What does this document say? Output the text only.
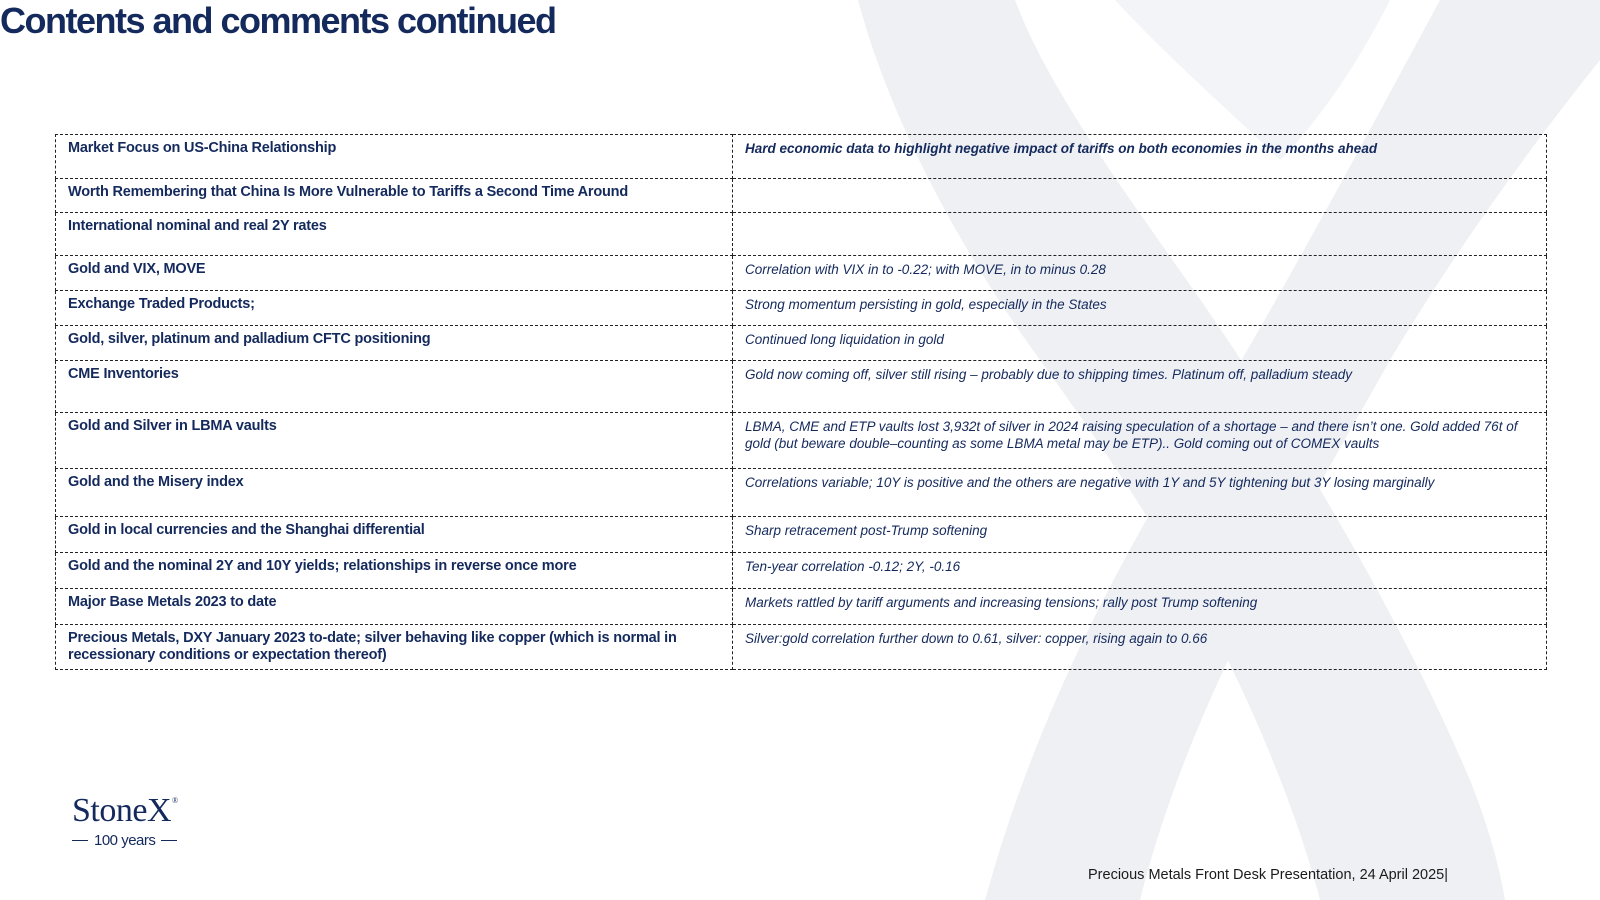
Contents and comments continued
Market Focus on US-China Relationship	Hard economic data to highlight negative impact of tariffs on both economies in the months ahead
Worth Remembering that China Is More Vulnerable to Tariffs a Second Time Around	
International nominal and real 2Y rates	
Gold and VIX, MOVE	Correlation with VIX in to -0.22; with MOVE, in to minus 0.28
Exchange Traded Products;	Strong momentum persisting in gold, especially in the States
Gold, silver, platinum and palladium CFTC positioning	Continued long liquidation in gold
CME Inventories	Gold now coming off, silver still rising – probably due to shipping times. Platinum off, palladium steady
Gold and Silver in LBMA vaults	LBMA, CME and ETP vaults lost 3,932t of silver in 2024 raising speculation of a shortage – and there isn’t one. Gold added 76t of gold (but beware double–counting as some LBMA metal may be ETP).. Gold coming out of COMEX vaults
Gold and the Misery index	Correlations variable; 10Y is positive and the others are negative with 1Y and 5Y tightening but 3Y losing marginally
Gold in local currencies and the Shanghai differential	Sharp retracement post-Trump softening
Gold and the nominal 2Y and 10Y yields; relationships in reverse once more	Ten-year correlation -0.12; 2Y, -0.16
Major Base Metals 2023 to date	Markets rattled by tariff arguments and increasing tensions; rally post Trump softening
Precious Metals, DXY January 2023 to-date; silver behaving like copper (which is normal in recessionary conditions or expectation thereof)	Silver:gold correlation further down to 0.61, silver: copper, rising again to 0.66
StoneX ®
100 years
Precious Metals Front Desk Presentation, 24 April 2025|
